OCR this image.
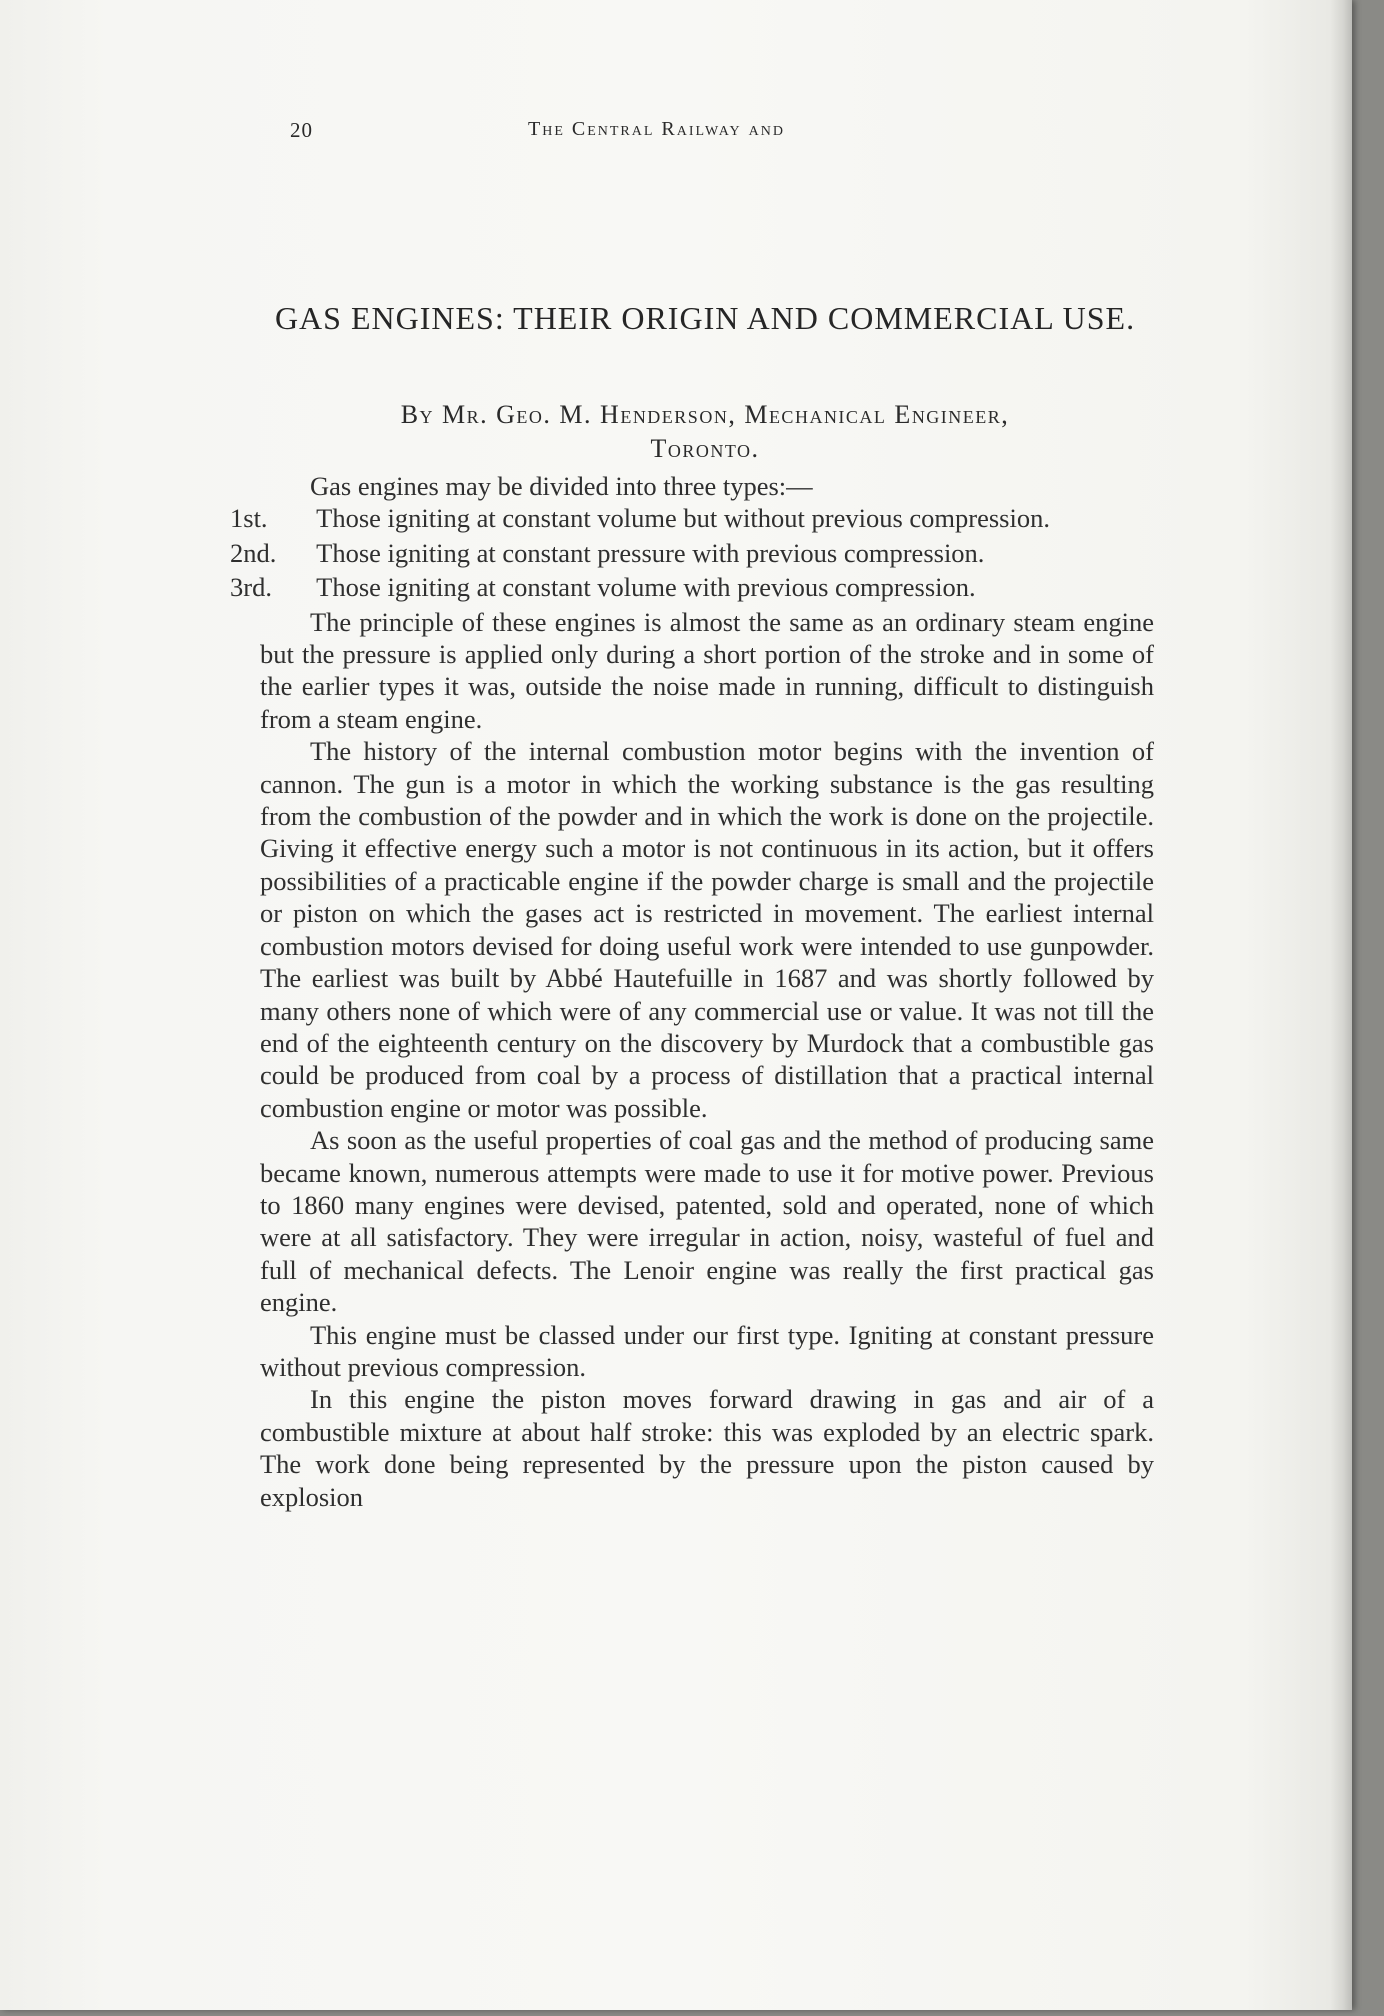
20	The Central Railway and
GAS ENGINES: THEIR ORIGIN AND COMMERCIAL USE.
By Mr. Geo. M. Henderson, Mechanical Engineer,
Toronto.
Gas engines may be divided into three types:—
1st. Those igniting at constant volume but without previous compression.
2nd. Those igniting at constant pressure with previous compression.
3rd. Those igniting at constant volume with previous compression.

The principle of these engines is almost the same as an ordinary steam engine but the pressure is applied only during a short portion of the stroke and in some of the earlier types it was, outside the noise made in running, difficult to distinguish from a steam engine.

The history of the internal combustion motor begins with the invention of cannon. The gun is a motor in which the working substance is the gas resulting from the combustion of the powder and in which the work is done on the projectile. Giving it effective energy such a motor is not continuous in its action, but it offers possibilities of a practicable engine if the powder charge is small and the projectile or piston on which the gases act is restricted in movement. The earliest internal combustion motors devised for doing useful work were intended to use gunpowder. The earliest was built by Abbé Hautefuille in 1687 and was shortly followed by many others none of which were of any commercial use or value. It was not till the end of the eighteenth century on the discovery by Murdock that a combustible gas could be produced from coal by a process of distillation that a practical internal combustion engine or motor was possible.

As soon as the useful properties of coal gas and the method of producing same became known, numerous attempts were made to use it for motive power. Previous to 1860 many engines were devised, patented, sold and operated, none of which were at all satisfactory. They were irregular in action, noisy, wasteful of fuel and full of mechanical defects. The Lenoir engine was really the first practical gas engine.

This engine must be classed under our first type. Igniting at constant pressure without previous compression.

In this engine the piston moves forward drawing in gas and air of a combustible mixture at about half stroke: this was exploded by an electric spark. The work done being represented by the pressure upon the piston caused by explosion
